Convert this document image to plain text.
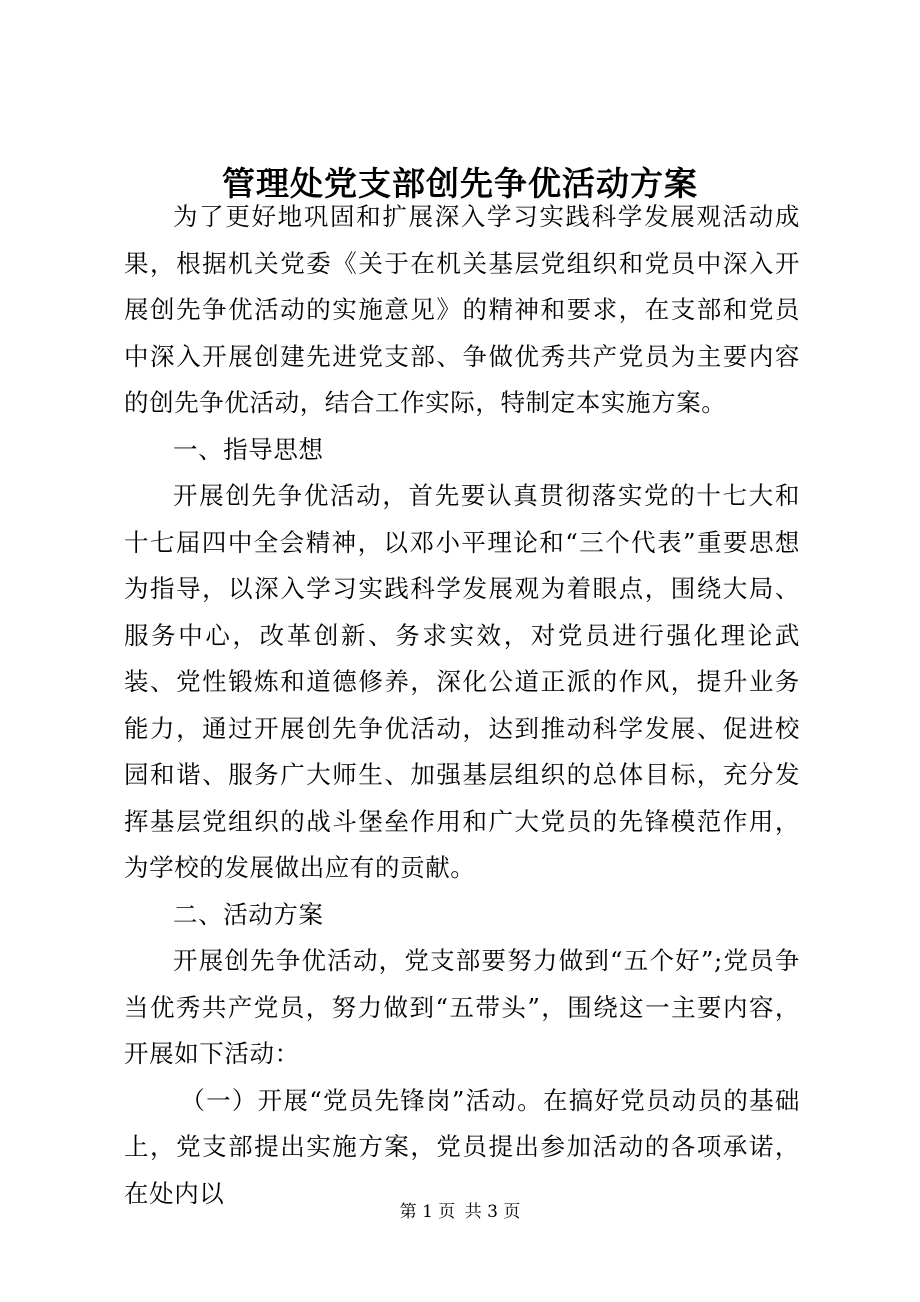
管理处党支部创先争优活动方案

为了更好地巩固和扩展深入学习实践科学发展观活动成果，根据机关党委《关于在机关基层党组织和党员中深入开展创先争优活动的实施意见》的精神和要求，在支部和党员中深入开展创建先进党支部、争做优秀共产党员为主要内容的创先争优活动，结合工作实际，特制定本实施方案。

一、指导思想

开展创先争优活动，首先要认真贯彻落实党的十七大和十七届四中全会精神，以邓小平理论和“三个代表”重要思想为指导，以深入学习实践科学发展观为着眼点，围绕大局、服务中心，改革创新、务求实效，对党员进行强化理论武装、党性锻炼和道德修养，深化公道正派的作风，提升业务能力，通过开展创先争优活动，达到推动科学发展、促进校园和谐、服务广大师生、加强基层组织的总体目标，充分发挥基层党组织的战斗堡垒作用和广大党员的先锋模范作用，为学校的发展做出应有的贡献。

二、活动方案

开展创先争优活动，党支部要努力做到“五个好”;党员争当优秀共产党员，努力做到“五带头”，围绕这一主要内容，开展如下活动：

（一）开展“党员先锋岗”活动。在搞好党员动员的基础上，党支部提出实施方案，党员提出参加活动的各项承诺，在处内以

第 1 页 共 3 页
